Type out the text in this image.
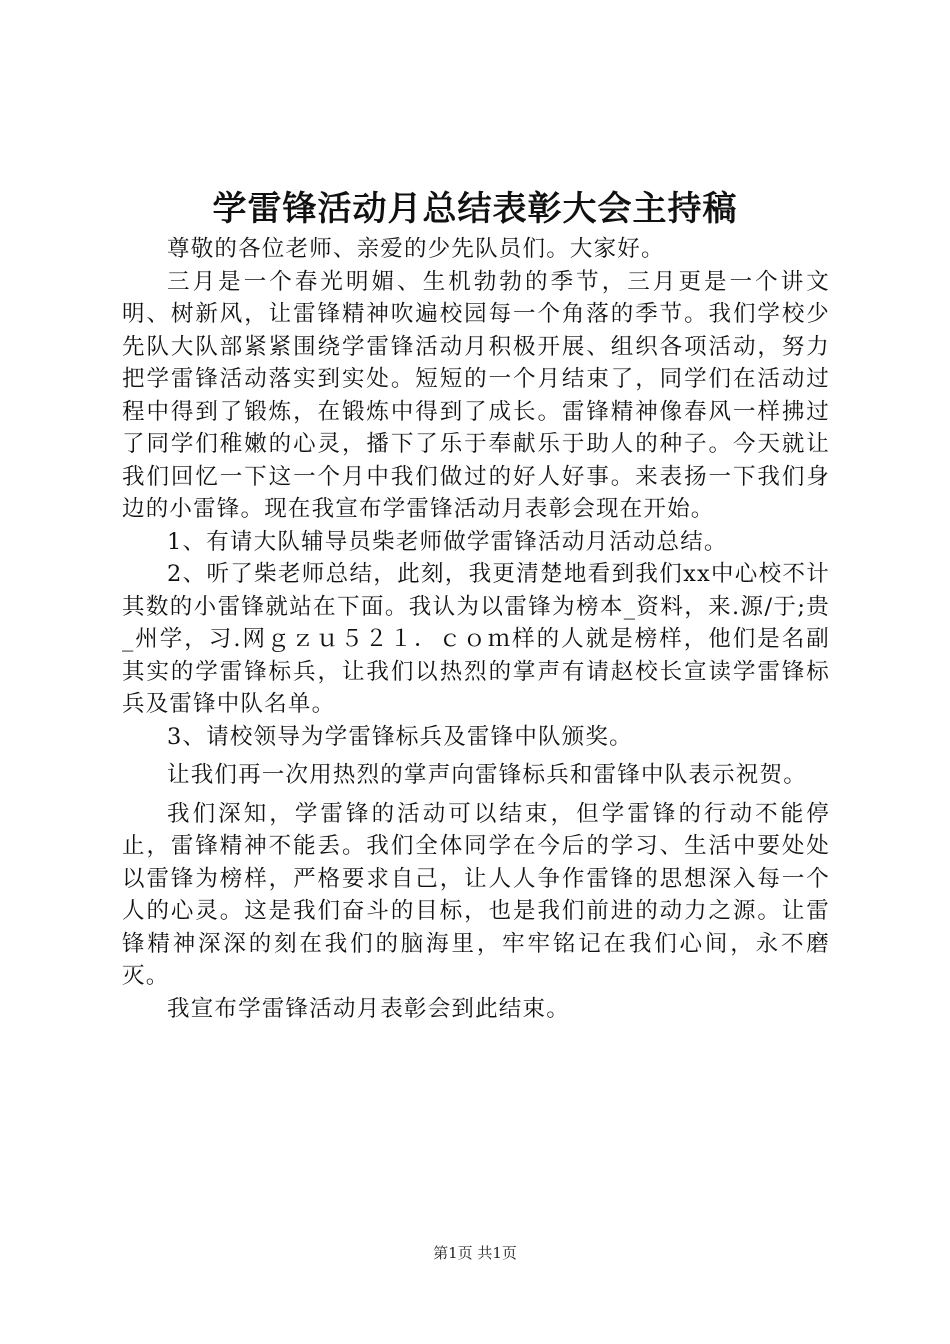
学雷锋活动月总结表彰大会主持稿

尊敬的各位老师、亲爱的少先队员们。大家好。

三月是一个春光明媚、生机勃勃的季节，三月更是一个讲文明、树新风，让雷锋精神吹遍校园每一个角落的季节。我们学校少先队大队部紧紧围绕学雷锋活动月积极开展、组织各项活动，努力把学雷锋活动落实到实处。短短的一个月结束了，同学们在活动过程中得到了锻炼，在锻炼中得到了成长。雷锋精神像春风一样拂过了同学们稚嫩的心灵，播下了乐于奉献乐于助人的种子。今天就让我们回忆一下这一个月中我们做过的好人好事。来表扬一下我们身边的小雷锋。现在我宣布学雷锋活动月表彰会现在开始。

1、有请大队辅导员柴老师做学雷锋活动月活动总结。

2、听了柴老师总结，此刻，我更清楚地看到我们xx中心校不计其数的小雷锋就站在下面。我认为以雷锋为榜本_资料，来.源/于;贵_州学，习.网ｇｚｕ５２１．ｃｏｍ样的人就是榜样，他们是名副其实的学雷锋标兵，让我们以热烈的掌声有请赵校长宣读学雷锋标兵及雷锋中队名单。

3、请校领导为学雷锋标兵及雷锋中队颁奖。

让我们再一次用热烈的掌声向雷锋标兵和雷锋中队表示祝贺。

我们深知，学雷锋的活动可以结束，但学雷锋的行动不能停止，雷锋精神不能丢。我们全体同学在今后的学习、生活中要处处以雷锋为榜样，严格要求自己，让人人争作雷锋的思想深入每一个人的心灵。这是我们奋斗的目标，也是我们前进的动力之源。让雷锋精神深深的刻在我们的脑海里，牢牢铭记在我们心间，永不磨灭。

我宣布学雷锋活动月表彰会到此结束。

第1页 共1页
